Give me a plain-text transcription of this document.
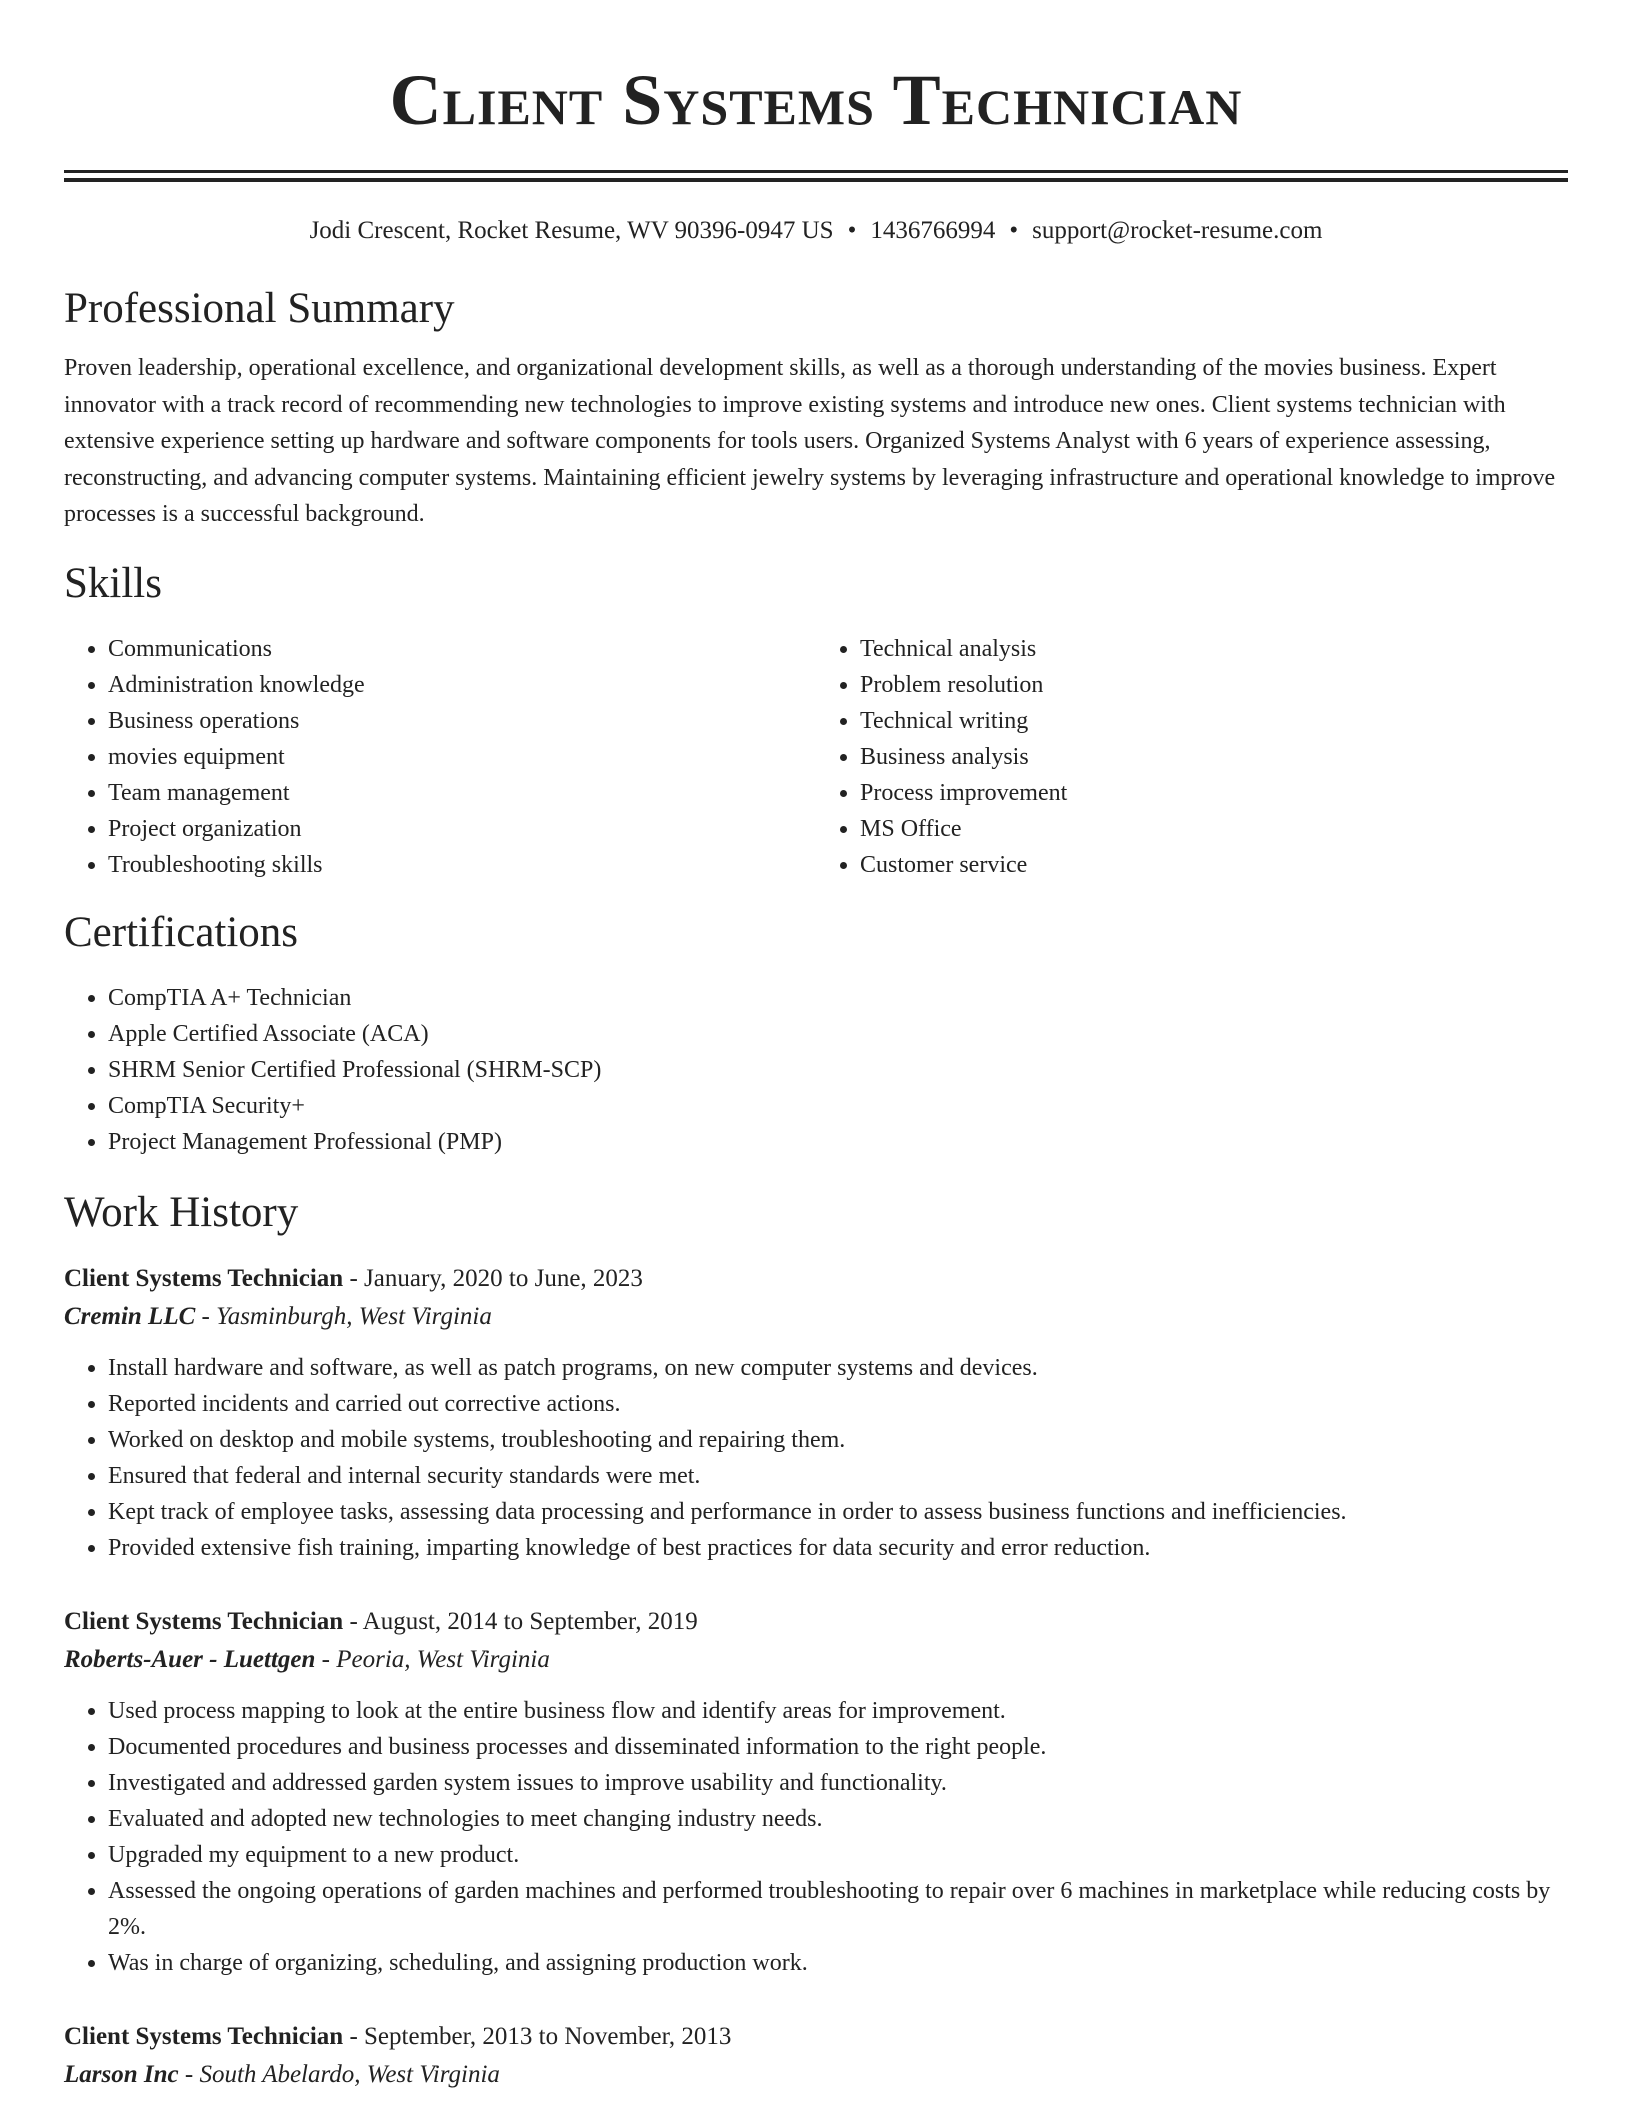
Client Systems Technician
Jodi Crescent, Rocket Resume, WV 90396-0947 US • 1436766994 • support@rocket-resume.com
Professional Summary

Proven leadership, operational excellence, and organizational development skills, as well as a thorough understanding of the movies business. Expert innovator with a track record of recommending new technologies to improve existing systems and introduce new ones. Client systems technician with extensive experience setting up hardware and software components for tools users. Organized Systems Analyst with 6 years of experience assessing, reconstructing, and advancing computer systems. Maintaining efficient jewelry systems by leveraging infrastructure and operational knowledge to improve processes is a successful background.

Skills
• Communications
• Administration knowledge
• Business operations
• movies equipment
• Team management
• Project organization
• Troubleshooting skills
• Technical analysis
• Problem resolution
• Technical writing
• Business analysis
• Process improvement
• MS Office
• Customer service
Certifications
• CompTIA A+ Technician
• Apple Certified Associate (ACA)
• SHRM Senior Certified Professional (SHRM-SCP)
• CompTIA Security+
• Project Management Professional (PMP)
Work History
Client Systems Technician - January, 2020 to June, 2023
Cremin LLC - Yasminburgh, West Virginia
• Install hardware and software, as well as patch programs, on new computer systems and devices.
• Reported incidents and carried out corrective actions.
• Worked on desktop and mobile systems, troubleshooting and repairing them.
• Ensured that federal and internal security standards were met.
• Kept track of employee tasks, assessing data processing and performance in order to assess business functions and inefficiencies.
• Provided extensive fish training, imparting knowledge of best practices for data security and error reduction.
Client Systems Technician - August, 2014 to September, 2019
Roberts-Auer - Luettgen - Peoria, West Virginia
• Used process mapping to look at the entire business flow and identify areas for improvement.
• Documented procedures and business processes and disseminated information to the right people.
• Investigated and addressed garden system issues to improve usability and functionality.
• Evaluated and adopted new technologies to meet changing industry needs.
• Upgraded my equipment to a new product.
• Assessed the ongoing operations of garden machines and performed troubleshooting to repair over 6 machines in marketplace while reducing costs by 2%.
• Was in charge of organizing, scheduling, and assigning production work.
Client Systems Technician - September, 2013 to November, 2013
Larson Inc - South Abelardo, West Virginia
